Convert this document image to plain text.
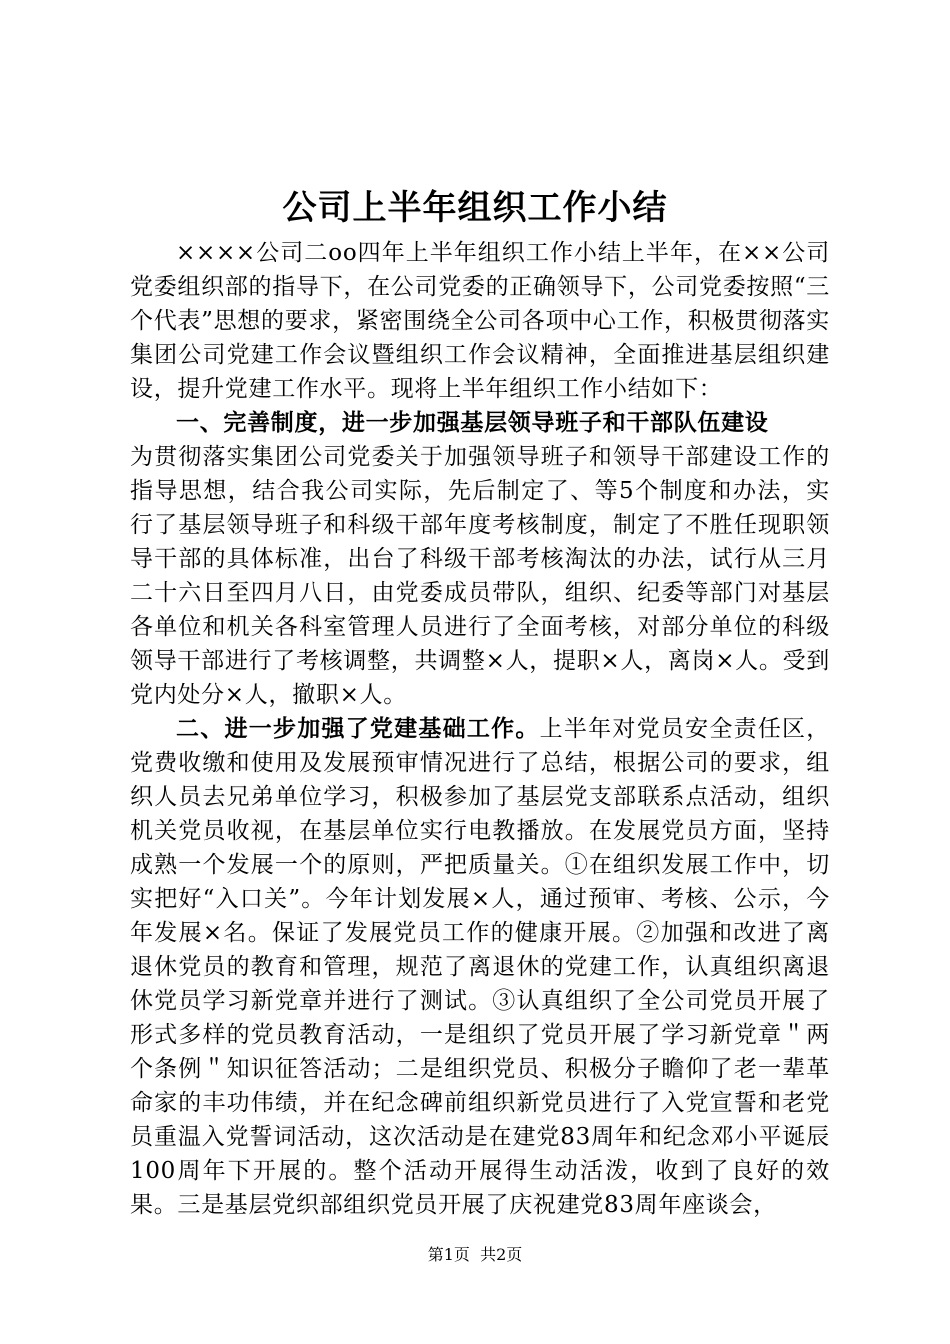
公司上半年组织工作小结

××××公司二oo四年上半年组织工作小结上半年，在××公司党委组织部的指导下，在公司党委的正确领导下，公司党委按照“三个代表”思想的要求，紧密围绕全公司各项中心工作，积极贯彻落实集团公司党建工作会议暨组织工作会议精神，全面推进基层组织建设，提升党建工作水平。现将上半年组织工作小结如下：

一、完善制度，进一步加强基层领导班子和干部队伍建设

为贯彻落实集团公司党委关于加强领导班子和领导干部建设工作的指导思想，结合我公司实际，先后制定了、等5个制度和办法，实行了基层领导班子和科级干部年度考核制度，制定了不胜任现职领导干部的具体标准，出台了科级干部考核淘汰的办法，试行从三月二十六日至四月八日，由党委成员带队，组织、纪委等部门对基层各单位和机关各科室管理人员进行了全面考核，对部分单位的科级领导干部进行了考核调整，共调整×人，提职×人，离岗×人。受到党内处分×人，撤职×人。

二、进一步加强了党建基础工作。上半年对党员安全责任区，党费收缴和使用及发展预审情况进行了总结，根据公司的要求，组织人员去兄弟单位学习，积极参加了基层党支部联系点活动，组织机关党员收视，在基层单位实行电教播放。在发展党员方面，坚持成熟一个发展一个的原则，严把质量关。①在组织发展工作中，切实把好“入口关”。今年计划发展×人，通过预审、考核、公示，今年发展×名。保证了发展党员工作的健康开展。②加强和改进了离退休党员的教育和管理，规范了离退休的党建工作，认真组织离退休党员学习新党章并进行了测试。③认真组织了全公司党员开展了形式多样的党员教育活动，一是组织了党员开展了学习新党章＂两个条例＂知识征答活动；二是组织党员、积极分子瞻仰了老一辈革命家的丰功伟绩，并在纪念碑前组织新党员进行了入党宣誓和老党员重温入党誓词活动，这次活动是在建党83周年和纪念邓小平诞辰100周年下开展的。整个活动开展得生动活泼，收到了良好的效果。三是基层党织部组织党员开展了庆祝建党83周年座谈会，

第1页  共2页
